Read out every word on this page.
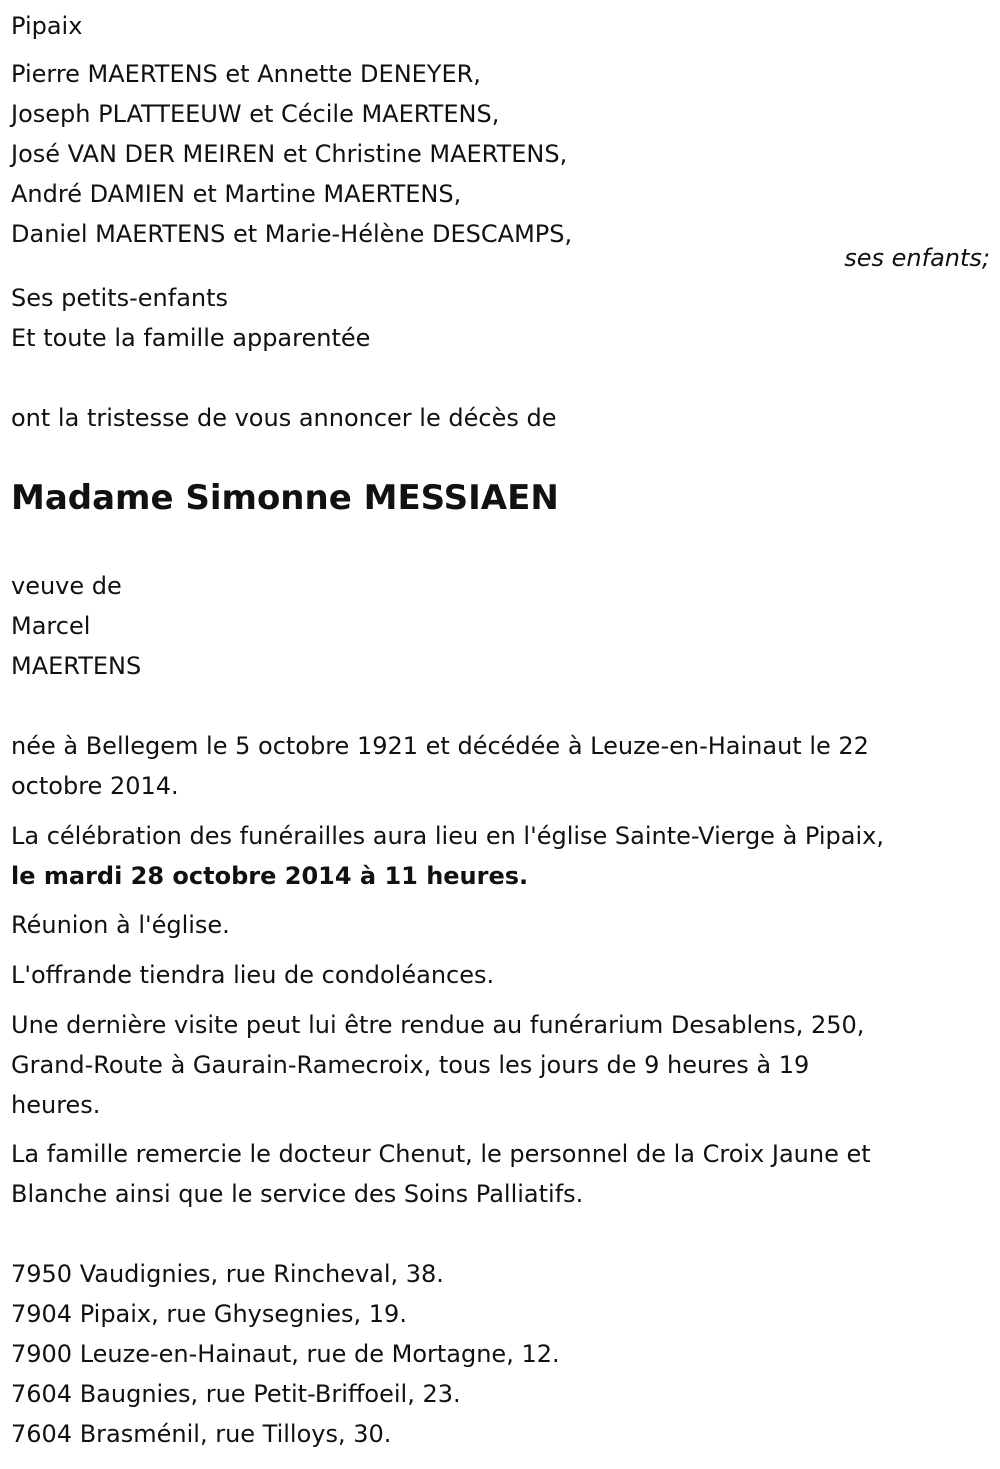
Pipaix
Pierre MAERTENS et Annette DENEYER,
Joseph PLATTEEUW et Cécile MAERTENS,
José VAN DER MEIREN et Christine MAERTENS,
André DAMIEN et Martine MAERTENS,
Daniel MAERTENS et Marie-Hélène DESCAMPS,
ses enfants;
Ses petits-enfants
Et toute la famille apparentée
ont la tristesse de vous annoncer le décès de
Madame Simonne MESSIAEN
veuve de
Marcel
MAERTENS
née à Bellegem le 5 octobre 1921 et décédée à Leuze-en-Hainaut le 22
octobre 2014.
La célébration des funérailles aura lieu en l'église Sainte-Vierge à Pipaix,
le mardi 28 octobre 2014 à 11 heures.
Réunion à l'église.
L'offrande tiendra lieu de condoléances.
Une dernière visite peut lui être rendue au funérarium Desablens, 250,
Grand-Route à Gaurain-Ramecroix, tous les jours de 9 heures à 19
heures.
La famille remercie le docteur Chenut, le personnel de la Croix Jaune et
Blanche ainsi que le service des Soins Palliatifs.
7950 Vaudignies, rue Rincheval, 38.
7904 Pipaix, rue Ghysegnies, 19.
7900 Leuze-en-Hainaut, rue de Mortagne, 12.
7604 Baugnies, rue Petit-Briffoeil, 23.
7604 Brasménil, rue Tilloys, 30.
